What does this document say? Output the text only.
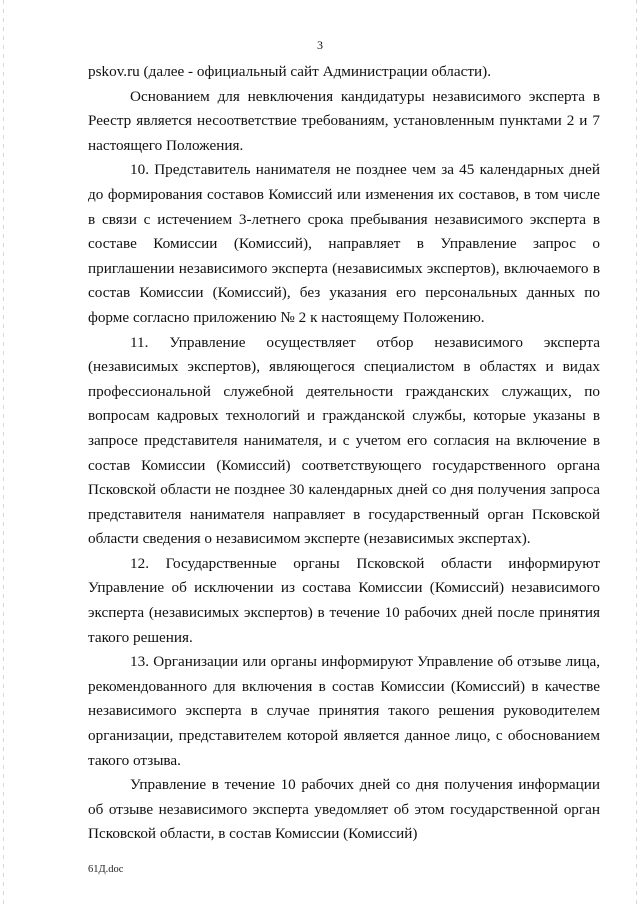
3

pskov.ru (далее - официальный сайт Администрации области).

Основанием для невключения кандидатуры независимого эксперта в Реестр является несоответствие требованиям, установленным пунктами 2 и 7 настоящего Положения.

10. Представитель нанимателя не позднее чем за 45 календарных дней до формирования составов Комиссий или изменения их составов, в том числе в связи с истечением 3-летнего срока пребывания независимого эксперта в составе Комиссии (Комиссий), направляет в Управление запрос о приглашении независимого эксперта (независимых экспертов), включаемого в состав Комиссии (Комиссий), без указания его персональных данных по форме согласно приложению № 2 к настоящему Положению.

11. Управление осуществляет отбор независимого эксперта (независимых экспертов), являющегося специалистом в областях и видах профессиональной служебной деятельности гражданских служащих, по вопросам кадровых технологий и гражданской службы, которые указаны в запросе представителя нанимателя, и с учетом его согласия на включение в состав Комиссии (Комиссий) соответствующего государственного органа Псковской области не позднее 30 календарных дней со дня получения запроса представителя нанимателя направляет в государственный орган Псковской области сведения о независимом эксперте (независимых экспертах).

12. Государственные органы Псковской области информируют Управление об исключении из состава Комиссии (Комиссий) независимого эксперта (независимых экспертов) в течение 10 рабочих дней после принятия такого решения.

13. Организации или органы информируют Управление об отзыве лица, рекомендованного для включения в состав Комиссии (Комиссий) в качестве независимого эксперта в случае принятия такого решения руководителем организации, представителем которой является данное лицо, с обоснованием такого отзыва.

Управление в течение 10 рабочих дней со дня получения информации об отзыве независимого эксперта уведомляет об этом государственной орган Псковской области, в состав Комиссии (Комиссий)

61Д.doc
